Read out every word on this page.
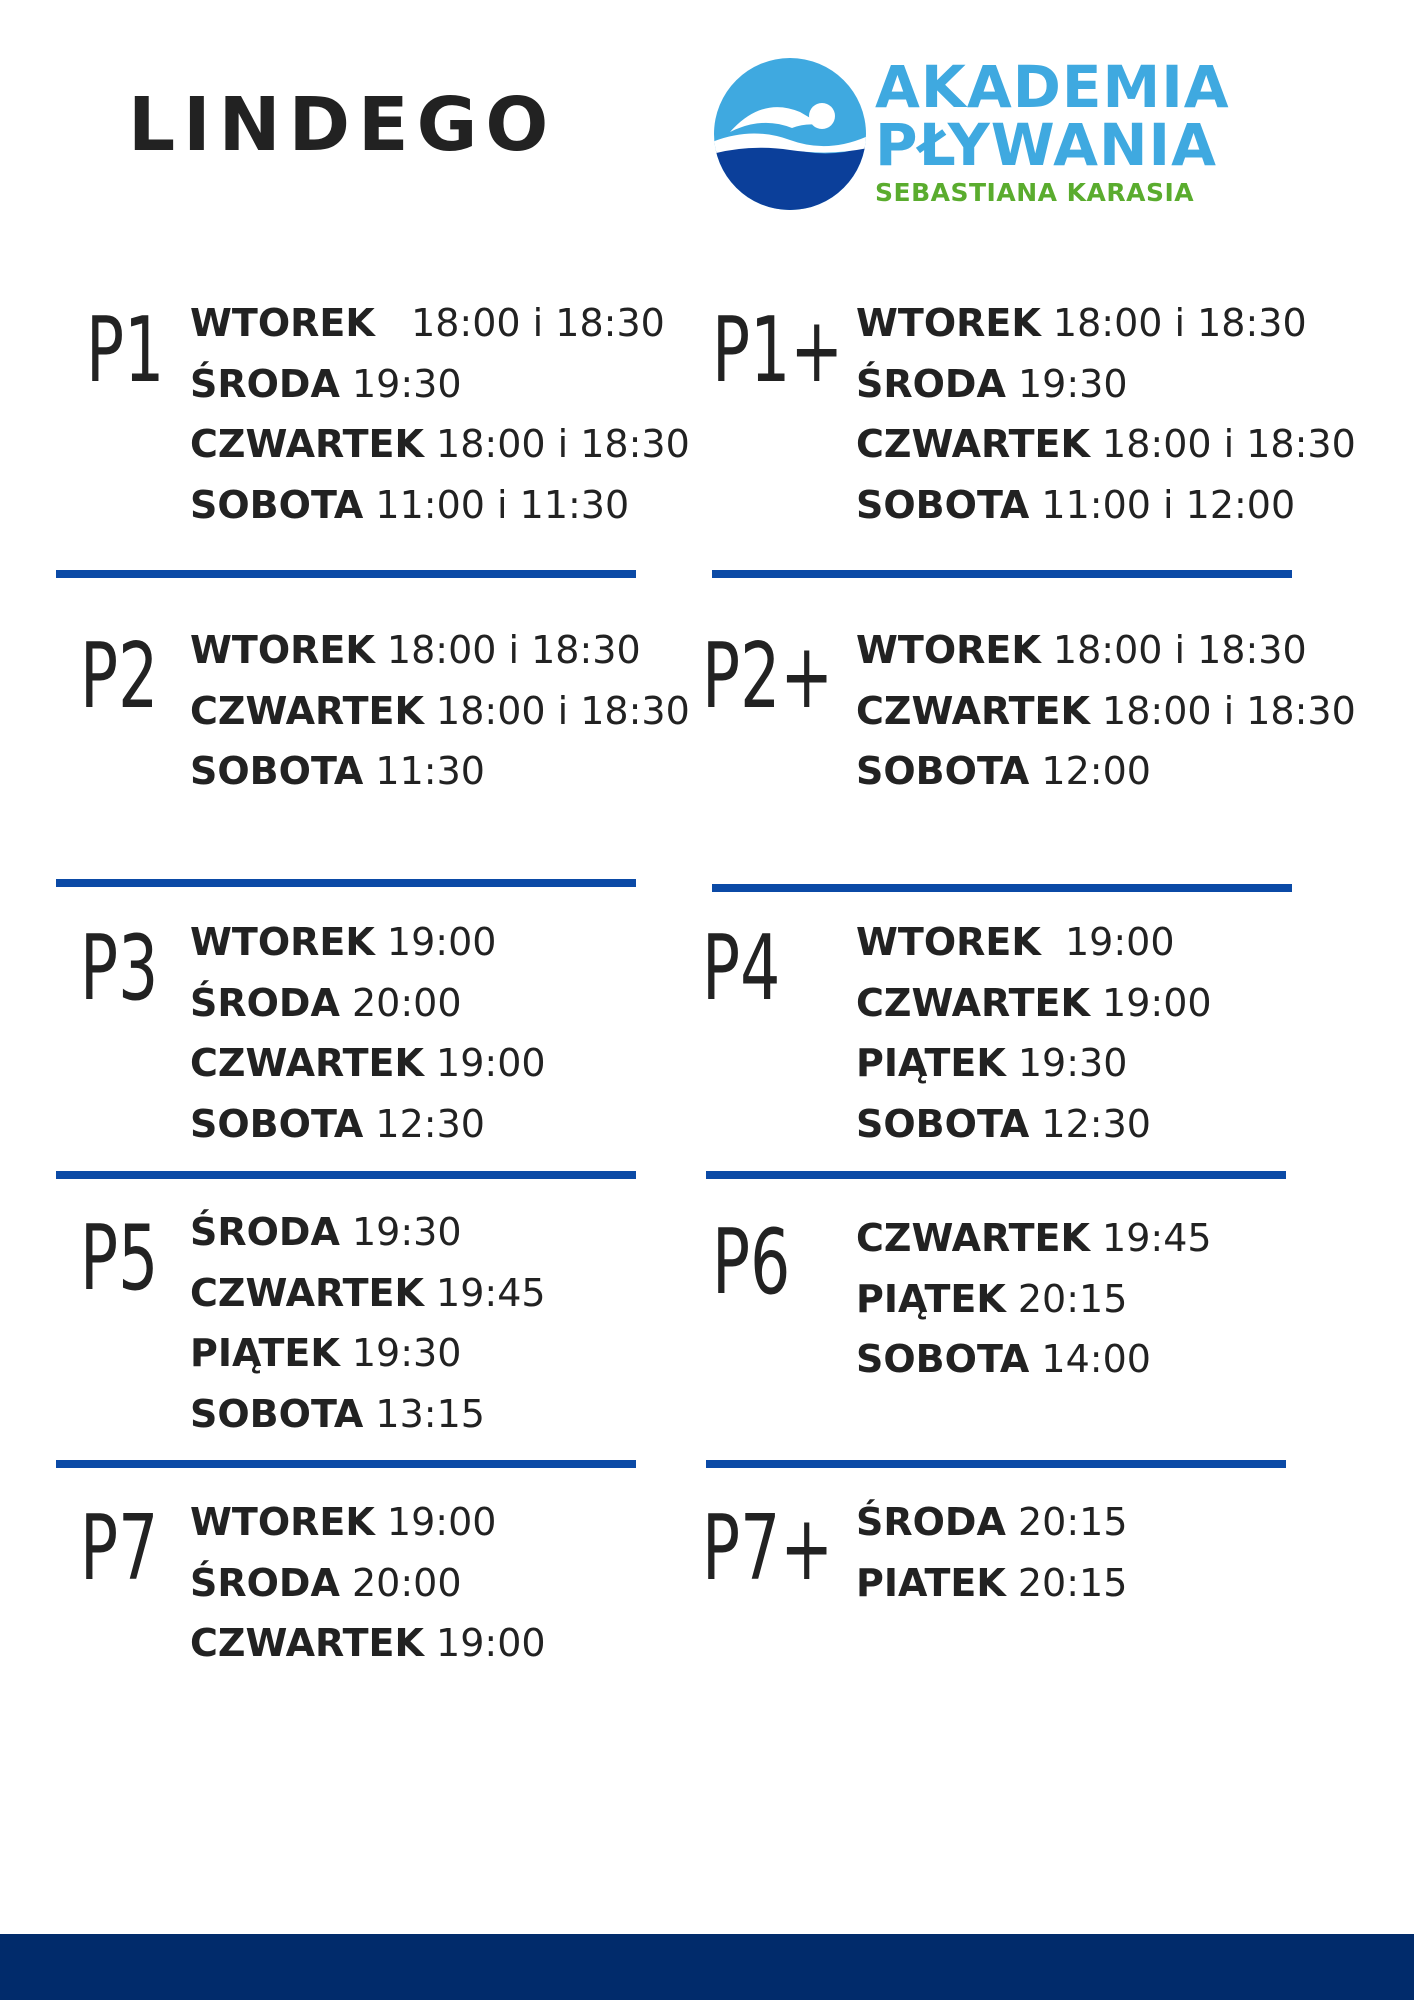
LINDEGO	AKADEMIA
PŁYWANIA
SEBASTIANA KARASIA
P1 WTOREK 18:00 i 18:30
ŚRODA 19:30
CZWARTEK 18:00 i 18:30
SOBOTA 11:00 i 11:30
P1+ WTOREK 18:00 i 18:30
ŚRODA 19:30
CZWARTEK 18:00 i 18:30
SOBOTA 11:00 i 12:00
P2 WTOREK 18:00 i 18:30
CZWARTEK 18:00 i 18:30
SOBOTA 11:30
P2+ WTOREK 18:00 i 18:30
CZWARTEK 18:00 i 18:30
SOBOTA 12:00
P3 WTOREK 19:00
ŚRODA 20:00
CZWARTEK 19:00
SOBOTA 12:30
P4 WTOREK 19:00
CZWARTEK 19:00
PIĄTEK 19:30
SOBOTA 12:30
P5 ŚRODA 19:30
CZWARTEK 19:45
PIĄTEK 19:30
SOBOTA 13:15
P6 CZWARTEK 19:45
PIĄTEK 20:15
SOBOTA 14:00
P7 WTOREK 19:00
ŚRODA 20:00
CZWARTEK 19:00
P7+ ŚRODA 20:15
PIATEK 20:15
